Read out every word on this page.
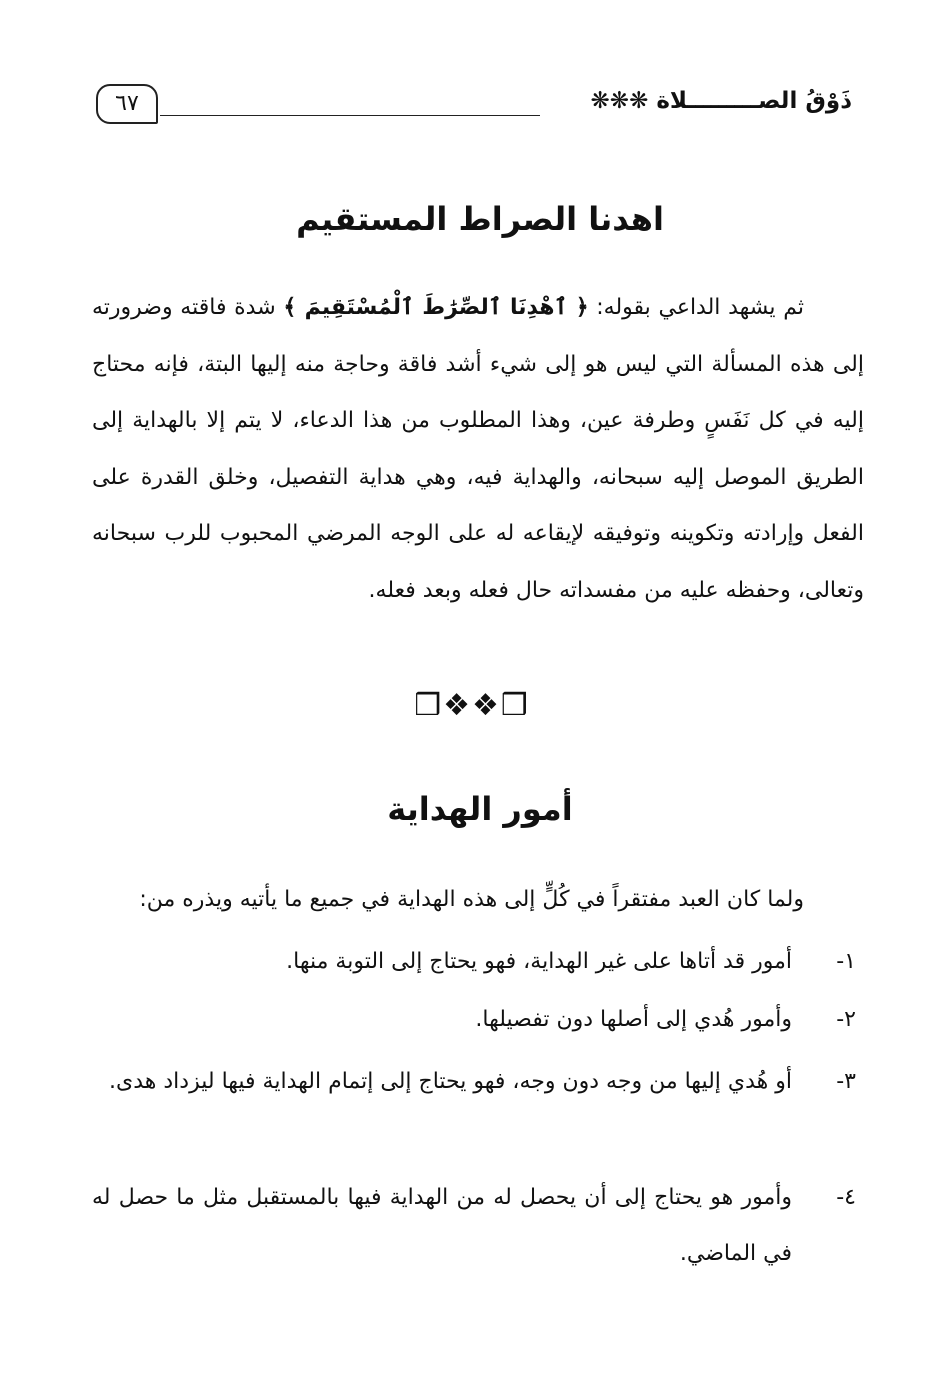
ذَوْقُ الصـــــــــلاة ❋❋❋
٦٧
اهدنا الصراط المستقيم

ثم يشهد الداعي بقوله: ﴿ ٱهْدِنَا ٱلصِّرَٰطَ ٱلْمُسْتَقِيمَ ﴾ شدة فاقته وضرورته إلى هذه المسألة التي ليس هو إلى شيء أشد فاقة وحاجة منه إليها البتة، فإنه محتاج إليه في كل نَفَسٍ وطرفة عين، وهذا المطلوب من هذا الدعاء، لا يتم إلا بالهداية إلى الطريق الموصل إليه سبحانه، والهداية فيه، وهي هداية التفصيل، وخلق القدرة على الفعل وإرادته وتكوينه وتوفيقه لإيقاعه له على الوجه المرضي المحبوب للرب سبحانه وتعالى، وحفظه عليه من مفسداته حال فعله وبعد فعله.

❒❖❖❒
أمور الهداية

ولما كان العبد مفتقراً في كُلٍّ إلى هذه الهداية في جميع ما يأتيه ويذره من:

١-
أمور قد أتاها على غير الهداية، فهو يحتاج إلى التوبة منها.
٢-
وأمور هُدي إلى أصلها دون تفصيلها.
٣-
أو هُدي إليها من وجه دون وجه، فهو يحتاج إلى إتمام الهداية فيها ليزداد هدى.
٤-
وأمور هو يحتاج إلى أن يحصل له من الهداية فيها بالمستقبل مثل ما حصل له في الماضي.
